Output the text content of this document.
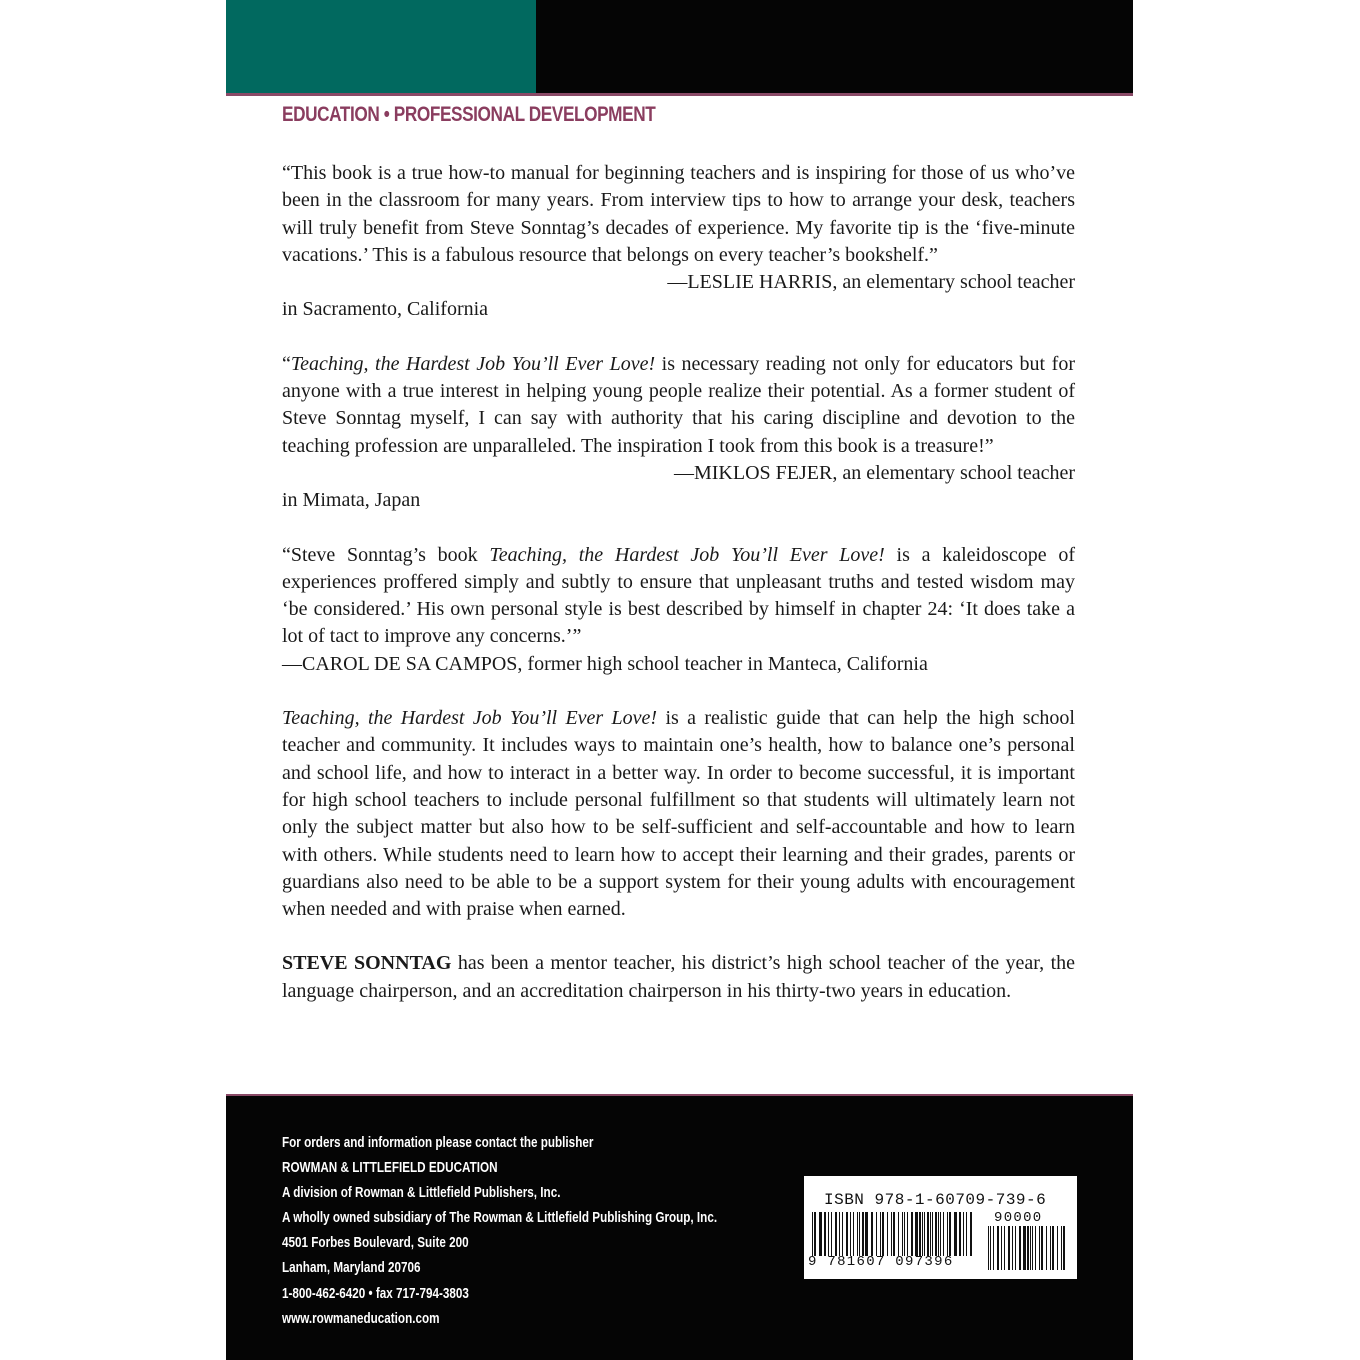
EDUCATION • PROFESSIONAL DEVELOPMENT

“This book is a true how-to manual for beginning teachers and is inspiring for those of us who’ve been in the classroom for many years. From interview tips to how to arrange your desk, teachers will truly benefit from Steve Sonntag’s decades of experience. My favorite tip is the ‘five-minute vacations.’ This is a fabulous resource that belongs on every teacher’s bookshelf.”
—LESLIE HARRIS, an elementary school teacher
in Sacramento, California

“Teaching, the Hardest Job You’ll Ever Love! is necessary reading not only for educators but for anyone with a true interest in helping young people realize their potential. As a former student of Steve Sonntag myself, I can say with authority that his caring discipline and devotion to the teaching profession are unparalleled. The inspiration I took from this book is a treasure!”
—MIKLOS FEJER, an elementary school teacher
in Mimata, Japan

“Steve Sonntag’s book Teaching, the Hardest Job You’ll Ever Love! is a kaleidoscope of experiences proffered simply and subtly to ensure that unpleasant truths and tested wisdom may ‘be considered.’ His own personal style is best described by himself in chapter 24: ‘It does take a lot of tact to improve any concerns.’”
—CAROL DE SA CAMPOS, former high school teacher in Manteca, California

Teaching, the Hardest Job You’ll Ever Love! is a realistic guide that can help the high school teacher and community. It includes ways to maintain one’s health, how to balance one’s personal and school life, and how to interact in a better way. In order to become successful, it is important for high school teachers to include personal fulfillment so that students will ultimately learn not only the subject matter but also how to be self-sufficient and self-accountable and how to learn with others. While students need to learn how to accept their learning and their grades, parents or guardians also need to be able to be a support system for their young adults with encouragement when needed and with praise when earned.

STEVE SONNTAG has been a mentor teacher, his district’s high school teacher of the year, the language chairperson, and an accreditation chairperson in his thirty-two years in education.

For orders and information please contact the publisher
ROWMAN & LITTLEFIELD EDUCATION
A division of Rowman & Littlefield Publishers, Inc.
A wholly owned subsidiary of The Rowman & Littlefield Publishing Group, Inc.
4501 Forbes Boulevard, Suite 200
Lanham, Maryland 20706
1-800-462-6420 • fax 717-794-3803
www.rowmaneducation.com
ISBN 978-1-60709-739-6
90000
9 781607 097396
